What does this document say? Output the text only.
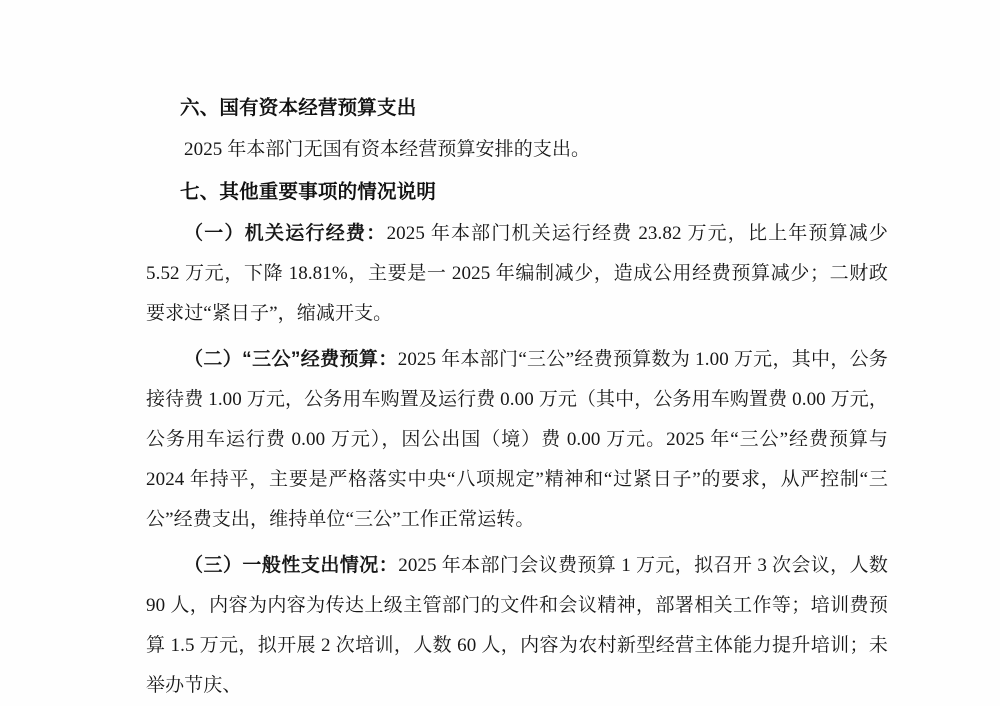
六、国有资本经营预算支出

2025 年本部门无国有资本经营预算安排的支出。

七、其他重要事项的情况说明

（一）机关运行经费：2025 年本部门机关运行经费 23.82 万元，比上年预算减少 5.52 万元，下降 18.81%，主要是一 2025 年编制减少，造成公用经费预算减少；二财政要求过“紧日子”，缩减开支。

（二）“三公”经费预算：2025 年本部门“三公”经费预算数为 1.00 万元，其中，公务接待费 1.00 万元，公务用车购置及运行费 0.00 万元（其中，公务用车购置费 0.00 万元，公务用车运行费 0.00 万元），因公出国（境）费 0.00 万元。2025 年“三公”经费预算与 2024 年持平，主要是严格落实中央“八项规定”精神和“过紧日子”的要求，从严控制“三公”经费支出，维持单位“三公”工作正常运转。

（三）一般性支出情况：2025 年本部门会议费预算 1 万元，拟召开 3 次会议，人数 90 人，内容为内容为传达上级主管部门的文件和会议精神，部署相关工作等；培训费预算 1.5 万元，拟开展 2 次培训，人数 60 人，内容为农村新型经营主体能力提升培训；未举办节庆、
